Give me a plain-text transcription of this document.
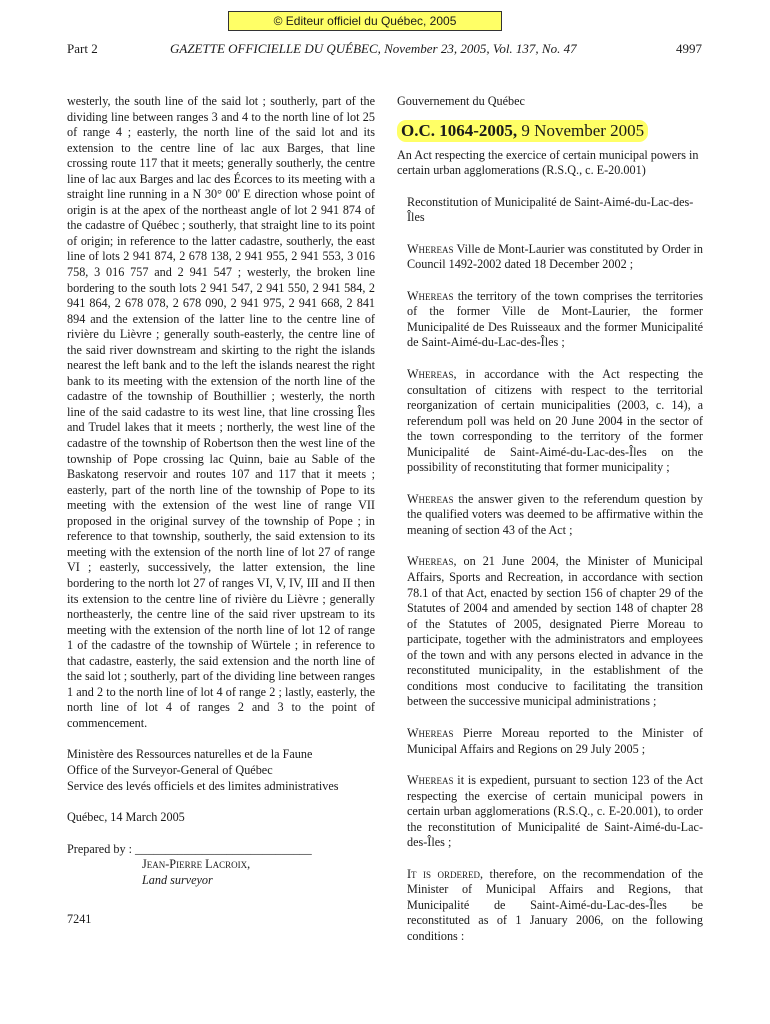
© Editeur officiel du Québec, 2005
Part 2	GAZETTE OFFICIELLE DU QUÉBEC, November 23, 2005, Vol. 137, No. 47	4997

westerly, the south line of the said lot ; southerly, part of the dividing line between ranges 3 and 4 to the north line of lot 25 of range 4 ; easterly, the north line of the said lot and its extension to the centre line of lac aux Barges, that line crossing route 117 that it meets; generally southerly, the centre line of lac aux Barges and lac des Écorces to its meeting with a straight line running in a N 30° 00' E direction whose point of origin is at the apex of the northeast angle of lot 2 941 874 of the cadastre of Québec ; southerly, that straight line to its point of origin; in reference to the latter cadastre, southerly, the east line of lots 2 941 874, 2 678 138, 2 941 955, 2 941 553, 3 016 758, 3 016 757 and 2 941 547 ; westerly, the broken line bordering to the south lots 2 941 547, 2 941 550, 2 941 584, 2 941 864, 2 678 078, 2 678 090, 2 941 975, 2 941 668, 2 841 894 and the extension of the latter line to the centre line of rivière du Lièvre ; generally south-easterly, the centre line of the said river downstream and skirting to the right the islands nearest the left bank and to the left the islands nearest the right bank to its meeting with the extension of the north line of the cadastre of the township of Bouthillier ; westerly, the north line of the said cadastre to its west line, that line crossing Îles and Trudel lakes that it meets ; northerly, the west line of the cadastre of the township of Robertson then the west line of the township of Pope crossing lac Quinn, baie au Sable of the Baskatong reservoir and routes 107 and 117 that it meets ; easterly, part of the north line of the township of Pope to its meeting with the extension of the west line of range VII proposed in the original survey of the township of Pope ; in reference to that township, southerly, the said extension to its meeting with the extension of the north line of lot 27 of range VI ; easterly, successively, the latter extension, the line bordering to the north lot 27 of ranges VI, V, IV, III and II then its extension to the centre line of rivière du Lièvre ; generally northeasterly, the centre line of the said river upstream to its meeting with the extension of the north line of lot 12 of range 1 of the cadastre of the township of Würtele ; in reference to that cadastre, easterly, the said extension and the north line of the said lot ; southerly, part of the dividing line between ranges 1 and 2 to the north line of lot 4 of range 2 ; lastly, easterly, the north line of lot 4 of ranges 2 and 3 to the point of commencement.

Ministère des Ressources naturelles et de la Faune

Office of the Surveyor-General of Québec

Service des levés officiels et des limites administratives

Québec, 14 March 2005

Prepared by : _____________________________

Jean-Pierre Lacroix,

Land surveyor

7241

Gouvernement du Québec

O.C. 1064-2005, 9 November 2005

An Act respecting the exercice of certain municipal powers in certain urban agglomerations (R.S.Q., c. E-20.001)

Reconstitution of Municipalité de Saint-Aimé-du-Lac-des-Îles

Whereas Ville de Mont-Laurier was constituted by Order in Council 1492-2002 dated 18 December 2002 ;

Whereas the territory of the town comprises the territories of the former Ville de Mont-Laurier, the former Municipalité de Des Ruisseaux and the former Municipalité de Saint-Aimé-du-Lac-des-Îles ;

Whereas, in accordance with the Act respecting the consultation of citizens with respect to the territorial reorganization of certain municipalities (2003, c. 14), a referendum poll was held on 20 June 2004 in the sector of the town corresponding to the territory of the former Municipalité de Saint-Aimé-du-Lac-des-Îles on the possibility of reconstituting that former municipality ;

Whereas the answer given to the referendum question by the qualified voters was deemed to be affirmative within the meaning of section 43 of the Act ;

Whereas, on 21 June 2004, the Minister of Municipal Affairs, Sports and Recreation, in accordance with section 78.1 of that Act, enacted by section 156 of chapter 29 of the Statutes of 2004 and amended by section 148 of chapter 28 of the Statutes of 2005, designated Pierre Moreau to participate, together with the administrators and employees of the town and with any persons elected in advance in the reconstituted municipality, in the establishment of the conditions most conducive to facilitating the transition between the successive municipal administrations ;

Whereas Pierre Moreau reported to the Minister of Municipal Affairs and Regions on 29 July 2005 ;

Whereas it is expedient, pursuant to section 123 of the Act respecting the exercise of certain municipal powers in certain urban agglomerations (R.S.Q., c. E-20.001), to order the reconstitution of Municipalité de Saint-Aimé-du-Lac-des-Îles ;

It is ordered, therefore, on the recommendation of the Minister of Municipal Affairs and Regions, that Municipalité de Saint-Aimé-du-Lac-des-Îles be reconstituted as of 1 January 2006, on the following conditions :
